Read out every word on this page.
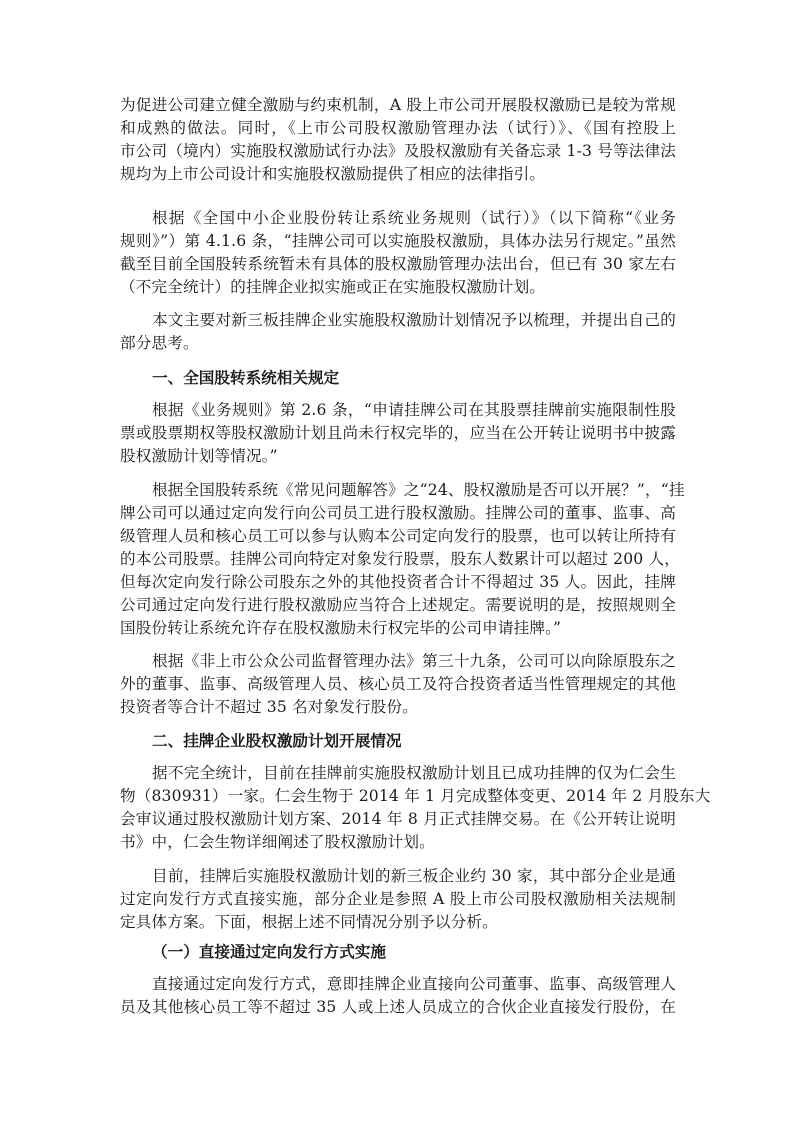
为促进公司建立健全激励与约束机制，A 股上市公司开展股权激励已是较为常规
和成熟的做法。同时，《上市公司股权激励管理办法（试行）》、《国有控股上
市公司（境内）实施股权激励试行办法》及股权激励有关备忘录 1-3 号等法律法
规均为上市公司设计和实施股权激励提供了相应的法律指引。
根据《全国中小企业股份转让系统业务规则（试行）》（以下简称“《业务
规则》”）第 4.1.6 条，“挂牌公司可以实施股权激励，具体办法另行规定。”虽然
截至目前全国股转系统暂未有具体的股权激励管理办法出台，但已有 30 家左右
（不完全统计）的挂牌企业拟实施或正在实施股权激励计划。
本文主要对新三板挂牌企业实施股权激励计划情况予以梳理，并提出自己的
部分思考。
一、全国股转系统相关规定
根据《业务规则》第 2.6 条，“申请挂牌公司在其股票挂牌前实施限制性股
票或股票期权等股权激励计划且尚未行权完毕的，应当在公开转让说明书中披露
股权激励计划等情况。”
根据全国股转系统《常见问题解答》之“24、股权激励是否可以开展？”，“挂
牌公司可以通过定向发行向公司员工进行股权激励。挂牌公司的董事、监事、高
级管理人员和核心员工可以参与认购本公司定向发行的股票，也可以转让所持有
的本公司股票。挂牌公司向特定对象发行股票，股东人数累计可以超过 200 人，
但每次定向发行除公司股东之外的其他投资者合计不得超过 35 人。因此，挂牌
公司通过定向发行进行股权激励应当符合上述规定。需要说明的是，按照规则全
国股份转让系统允许存在股权激励未行权完毕的公司申请挂牌。”
根据《非上市公众公司监督管理办法》第三十九条，公司可以向除原股东之
外的董事、监事、高级管理人员、核心员工及符合投资者适当性管理规定的其他
投资者等合计不超过 35 名对象发行股份。
二、挂牌企业股权激励计划开展情况
据不完全统计，目前在挂牌前实施股权激励计划且已成功挂牌的仅为仁会生
物（830931）一家。仁会生物于 2014 年 1 月完成整体变更、2014 年 2 月股东大
会审议通过股权激励计划方案、2014 年 8 月正式挂牌交易。在《公开转让说明
书》中，仁会生物详细阐述了股权激励计划。
目前，挂牌后实施股权激励计划的新三板企业约 30 家，其中部分企业是通
过定向发行方式直接实施，部分企业是参照 A 股上市公司股权激励相关法规制
定具体方案。下面，根据上述不同情况分别予以分析。
（一）直接通过定向发行方式实施
直接通过定向发行方式，意即挂牌企业直接向公司董事、监事、高级管理人
员及其他核心员工等不超过 35 人或上述人员成立的合伙企业直接发行股份，在
